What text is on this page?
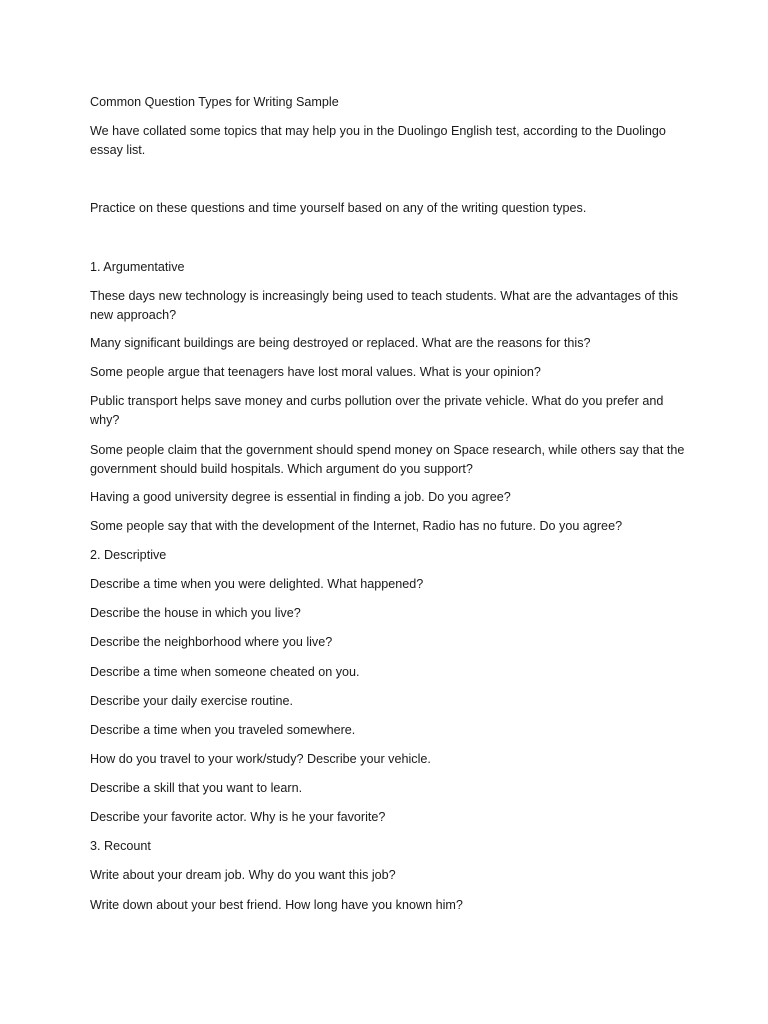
Common Question Types for Writing Sample

We have collated some topics that may help you in the Duolingo English test, according to the Duolingo essay list.

Practice on these questions and time yourself based on any of the writing question types.

1. Argumentative

These days new technology is increasingly being used to teach students. What are the advantages of this new approach?

Many significant buildings are being destroyed or replaced. What are the reasons for this?

Some people argue that teenagers have lost moral values. What is your opinion?

Public transport helps save money and curbs pollution over the private vehicle. What do you prefer and why?

Some people claim that the government should spend money on Space research, while others say that the government should build hospitals. Which argument do you support?

Having a good university degree is essential in finding a job. Do you agree?

Some people say that with the development of the Internet, Radio has no future. Do you agree?

2. Descriptive

Describe a time when you were delighted. What happened?

Describe the house in which you live?

Describe the neighborhood where you live?

Describe a time when someone cheated on you.

Describe your daily exercise routine.

Describe a time when you traveled somewhere.

How do you travel to your work/study? Describe your vehicle.

Describe a skill that you want to learn.

Describe your favorite actor. Why is he your favorite?

3. Recount

Write about your dream job. Why do you want this job?

Write down about your best friend. How long have you known him?
